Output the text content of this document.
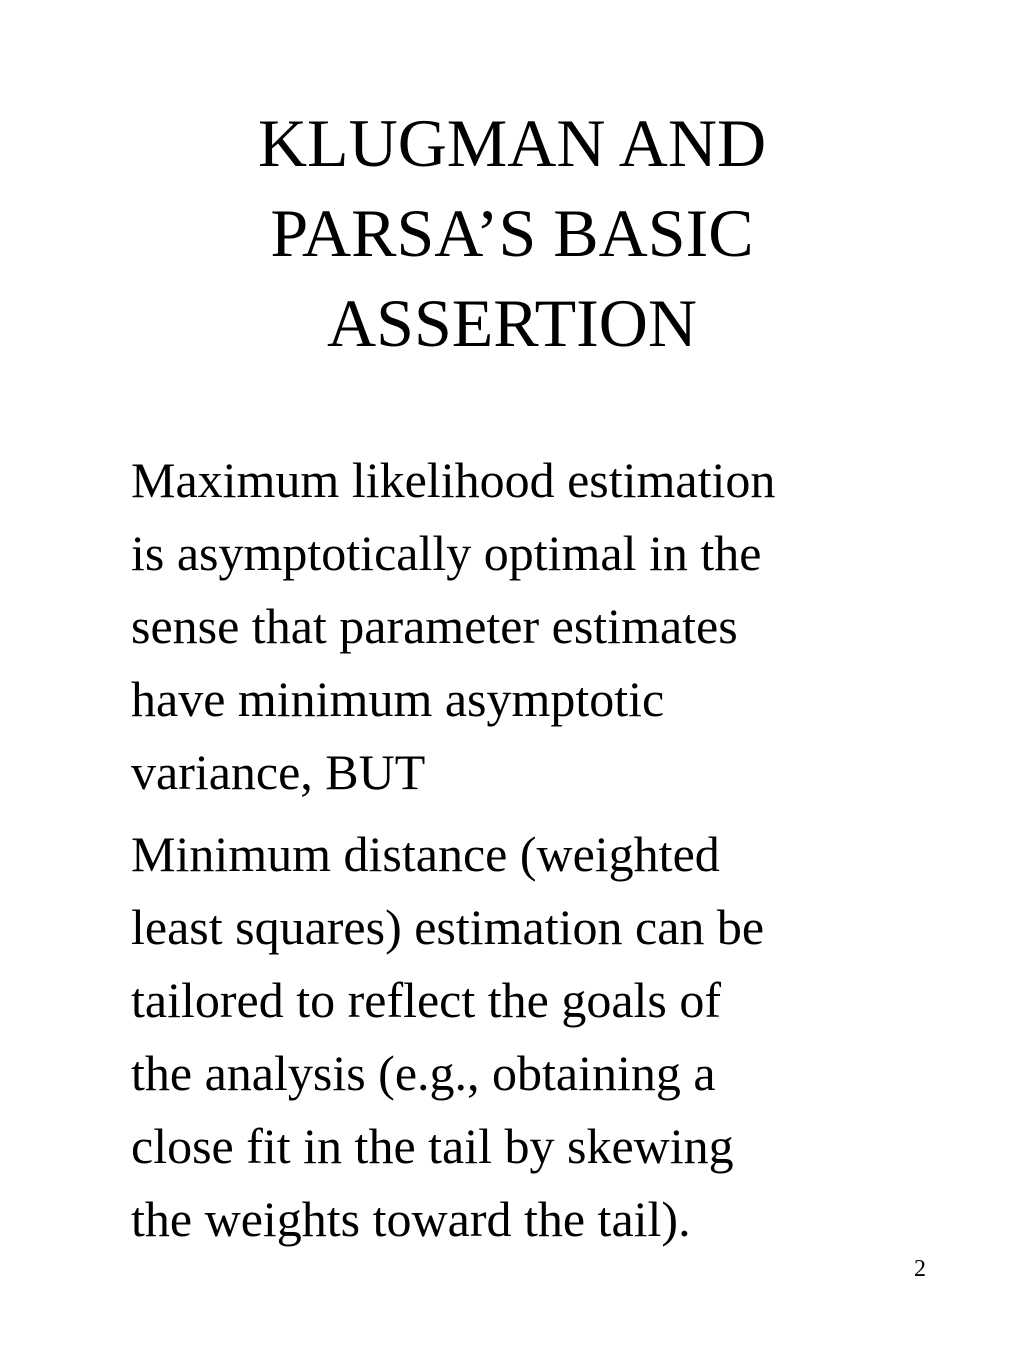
KLUGMAN AND
PARSA’S BASIC
ASSERTION

Maximum likelihood estimation
is asymptotically optimal in the
sense that parameter estimates
have minimum asymptotic
variance, BUT

Minimum distance (weighted
least squares) estimation can be
tailored to reflect the goals of
the analysis (e.g., obtaining a
close fit in the tail by skewing
the weights toward the tail).

2
